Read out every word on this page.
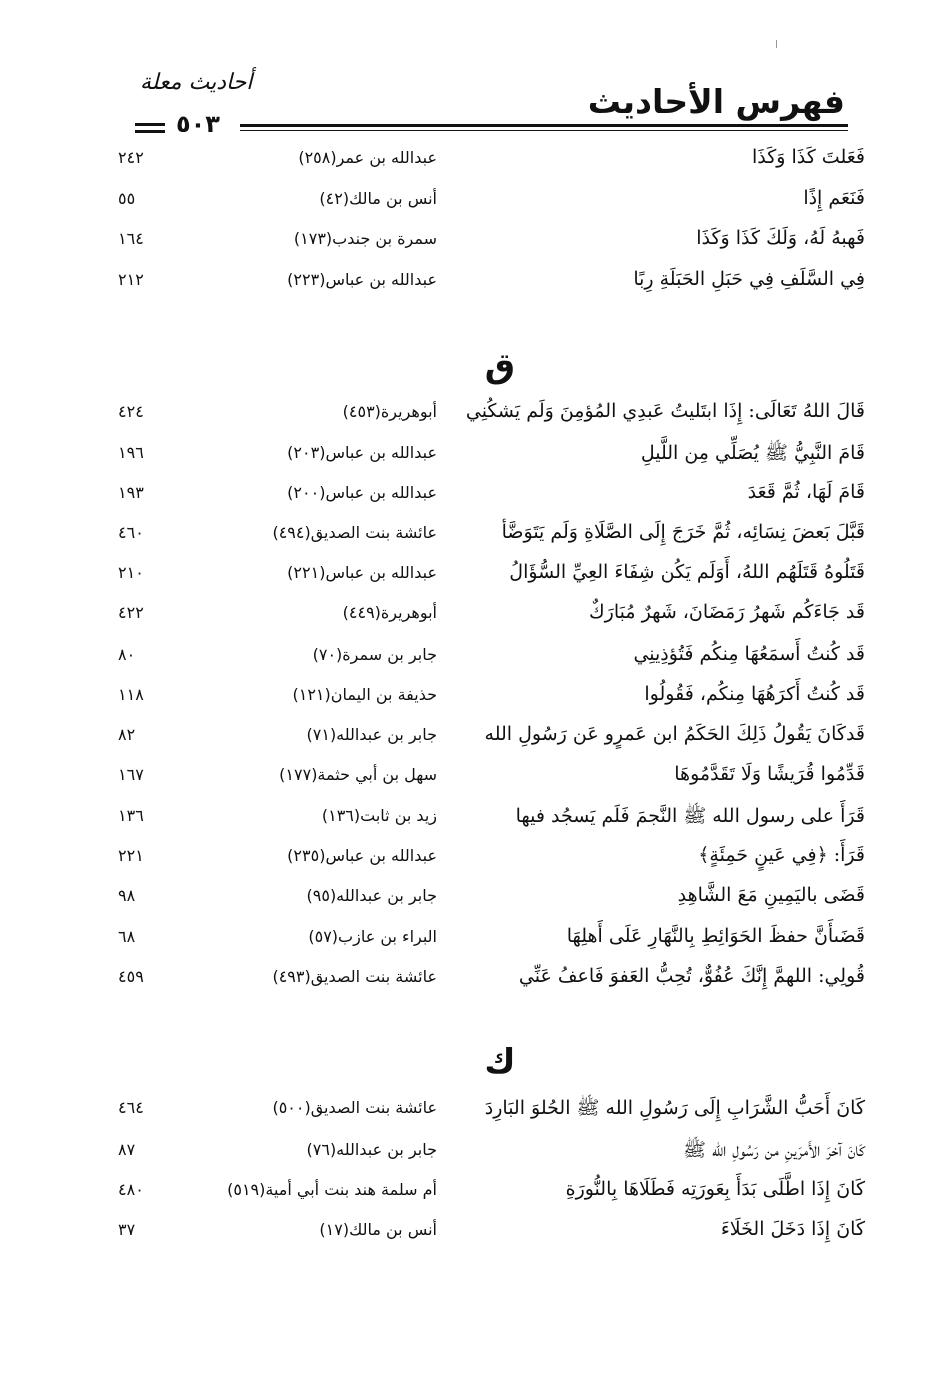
أحاديث معلة	فهرس الأحاديث
٥٠٣
فَعَلتَ كَذَا وَكَذَا
عبدالله بن عمر(٢٥٨)
٢٤٢
فَنَعَم إِذًا
أنس بن مالك(٤٢)
٥٥
فَهبهُ لَهُ، وَلَكَ كَذَا وَكَذَا
سمرة بن جندب(١٧٣)
١٦٤
فِي السَّلَفِ فِي حَبَلِ الحَبَلَةِ رِبًا
عبدالله بن عباس(٢٢٣)
٢١٢
ق
قَالَ اللهُ تَعَالَى: إِذَا ابتَليتُ عَبدِي المُؤمِنَ وَلَم يَشكُنِي
أبوهريرة(٤٥٣)
٤٢٤
قَامَ النَّبِيُّ ﷺ يُصَلِّي مِن اللَّيلِ
عبدالله بن عباس(٢٠٣)
١٩٦
قَامَ لَهَا، ثُمَّ قَعَدَ
عبدالله بن عباس(٢٠٠)
١٩٣
قَبَّلَ بَعضَ نِسَائِه، ثُمَّ خَرَجَ إِلَى الصَّلَاةِ وَلَم يَتَوَضَّأ
عائشة بنت الصديق(٤٩٤)
٤٦٠
قَتَلُوهُ قَتَلَهُم اللهُ، أَوَلَم يَكُن شِفَاءَ العِيِّ السُّؤَالُ
عبدالله بن عباس(٢٢١)
٢١٠
قَد جَاءَكُم شَهرُ رَمَضَانَ، شَهرٌ مُبَارَكٌ
أبوهريرة(٤٤٩)
٤٢٢
قَد كُنتُ أَسمَعُهَا مِنكُم فَتُؤذِينِي
جابر بن سمرة(٧٠)
٨٠
قَد كُنتُ أَكرَهُهَا مِنكُم، فَقُولُوا
حذيفة بن اليمان(١٢١)
١١٨
قَدكَانَ يَقُولُ ذَلِكَ الحَكَمُ ابن عَمرٍو عَن رَسُولِ الله
جابر بن عبدالله(٧١)
٨٢
قَدِّمُوا قُرَيشًا وَلَا تَقَدَّمُوهَا
سهل بن أبي حثمة(١٧٧)
١٦٧
قَرَأَ على رسول الله ﷺ النَّجمَ فَلَم يَسجُد فيها
زيد بن ثابت(١٣٦)
١٣٦
قَرَأَ: ﴿فِي عَينٍ حَمِئَةٍ﴾
عبدالله بن عباس(٢٣٥)
٢٢١
قَضَى باليَمِينِ مَعَ الشَّاهِدِ
جابر بن عبدالله(٩٥)
٩٨
قَضَىأَنَّ حفظَ الحَوَائِطِ بِالنَّهَارِ عَلَى أَهلِهَا
البراء بن عازب(٥٧)
٦٨
قُولِي: اللهمَّ إِنَّكَ عُفُوٌّ، تُحِبُّ العَفوَ فَاعفُ عَنِّي
عائشة بنت الصديق(٤٩٣)
٤٥٩
ك
كَانَ أَحَبُّ الشَّرَابِ إِلَى رَسُولِ الله ﷺ الحُلوَ البَارِدَ
عائشة بنت الصديق(٥٠٠)
٤٦٤
كَانَ آخرَ الأَمرَينِ من رَسُولِ الله ﷺ
جابر بن عبدالله(٧٦)
٨٧
كَانَ إِذَا اطَّلَى بَدَأَ بِعَورَتِه فَطَلَاهَا بِالنُّورَةِ
أم سلمة هند بنت أبي أمية(٥١٩)
٤٨٠
كَانَ إِذَا دَخَلَ الخَلَاءَ
أنس بن مالك(١٧)
٣٧
